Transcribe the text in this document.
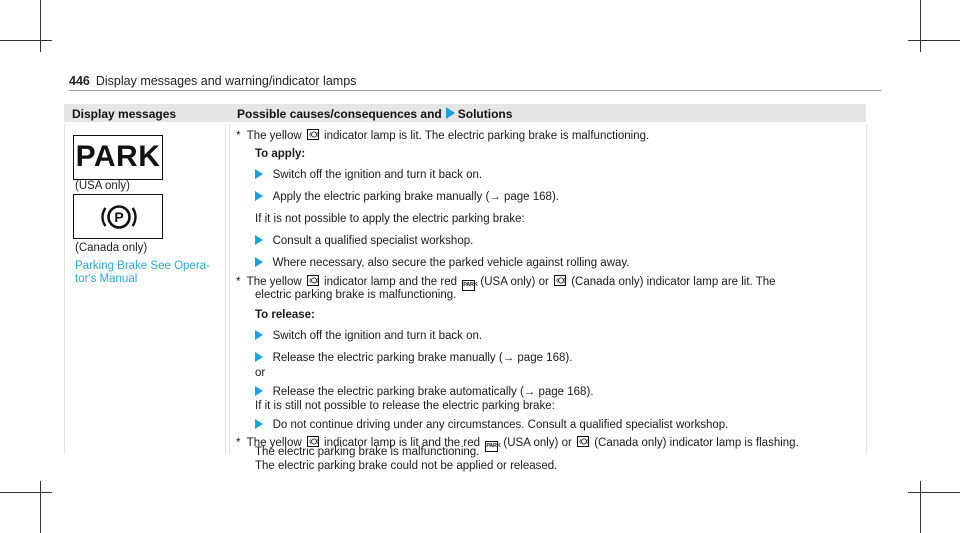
446 Display messages and warning/indicator lamps
Display messages	Possible causes/consequences and Solutions
PARK
(USA only)
P
(Canada only)
Parking Brake See Opera-
tor's Manual
* The yellow indicator lamp is lit. The electric parking brake is malfunctioning.
To apply:
Switch off the ignition and turn it back on.
Apply the electric parking brake manually (→ page 168).
If it is not possible to apply the electric parking brake:
Consult a qualified specialist workshop.
Where necessary, also secure the parked vehicle against rolling away.
* The yellow indicator lamp and the red PARK (USA only) or (Canada only) indicator lamp are lit. The
electric parking brake is malfunctioning.
To release:
Switch off the ignition and turn it back on.
Release the electric parking brake manually (→ page 168).
or
Release the electric parking brake automatically (→ page 168).
If it is still not possible to release the electric parking brake:
Do not continue driving under any circumstances. Consult a qualified specialist workshop.
* The yellow indicator lamp is lit and the red PARK (USA only) or (Canada only) indicator lamp is flashing.
The electric parking brake is malfunctioning.
The electric parking brake could not be applied or released.
